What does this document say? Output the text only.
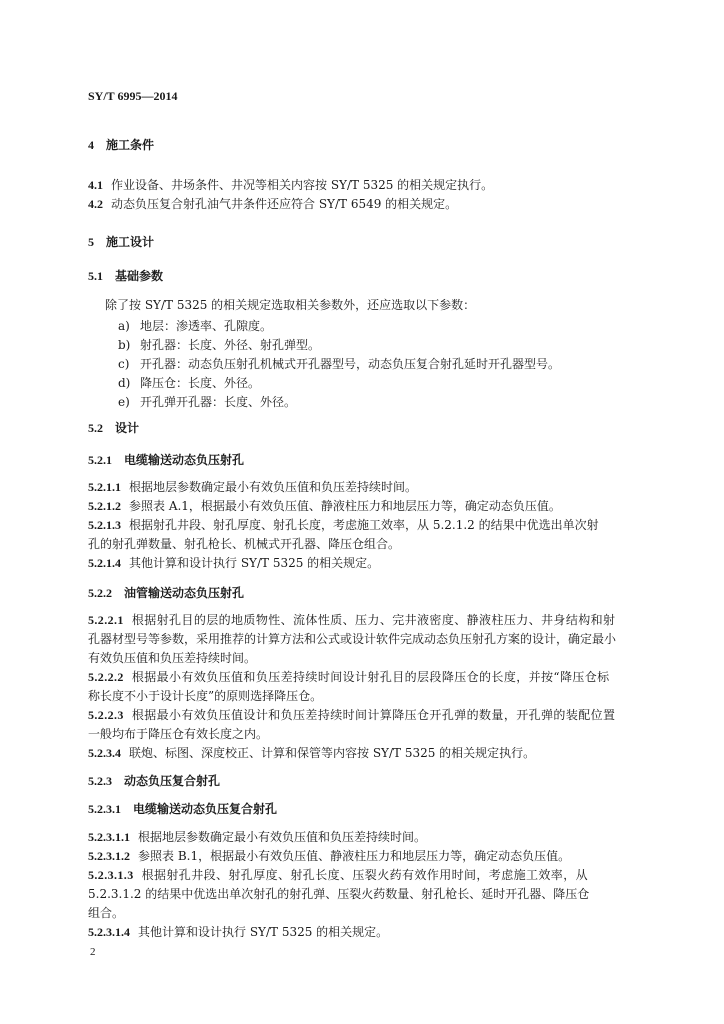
SY/T 6995—2014
4 施工条件
4.1 作业设备、井场条件、井况等相关内容按 SY/T 5325 的相关规定执行。
4.2 动态负压复合射孔油气井条件还应符合 SY/T 6549 的相关规定。
5 施工设计
5.1 基础参数
除了按 SY/T 5325 的相关规定选取相关参数外，还应选取以下参数：
a) 地层：渗透率、孔隙度。
b) 射孔器：长度、外径、射孔弹型。
c) 开孔器：动态负压射孔机械式开孔器型号，动态负压复合射孔延时开孔器型号。
d) 降压仓：长度、外径。
e) 开孔弹开孔器：长度、外径。
5.2 设计
5.2.1 电缆输送动态负压射孔
5.2.1.1 根据地层参数确定最小有效负压值和负压差持续时间。
5.2.1.2 参照表 A.1，根据最小有效负压值、静液柱压力和地层压力等，确定动态负压值。
5.2.1.3 根据射孔井段、射孔厚度、射孔长度，考虑施工效率，从 5.2.1.2 的结果中优选出单次射
孔的射孔弹数量、射孔枪长、机械式开孔器、降压仓组合。
5.2.1.4 其他计算和设计执行 SY/T 5325 的相关规定。
5.2.2 油管输送动态负压射孔
5.2.2.1 根据射孔目的层的地质物性、流体性质、压力、完井液密度、静液柱压力、井身结构和射
孔器材型号等参数，采用推荐的计算方法和公式或设计软件完成动态负压射孔方案的设计，确定最小
有效负压值和负压差持续时间。
5.2.2.2 根据最小有效负压值和负压差持续时间设计射孔目的层段降压仓的长度，并按“降压仓标
称长度不小于设计长度”的原则选择降压仓。
5.2.2.3 根据最小有效负压值设计和负压差持续时间计算降压仓开孔弹的数量，开孔弹的装配位置
一般均布于降压仓有效长度之内。
5.2.3.4 联炮、标图、深度校正、计算和保管等内容按 SY/T 5325 的相关规定执行。
5.2.3 动态负压复合射孔
5.2.3.1 电缆输送动态负压复合射孔
5.2.3.1.1 根据地层参数确定最小有效负压值和负压差持续时间。
5.2.3.1.2 参照表 B.1，根据最小有效负压值、静液柱压力和地层压力等，确定动态负压值。
5.2.3.1.3 根据射孔井段、射孔厚度、射孔长度、压裂火药有效作用时间，考虑施工效率，从
5.2.3.1.2 的结果中优选出单次射孔的射孔弹、压裂火药数量、射孔枪长、延时开孔器、降压仓
组合。
5.2.3.1.4 其他计算和设计执行 SY/T 5325 的相关规定。
2
